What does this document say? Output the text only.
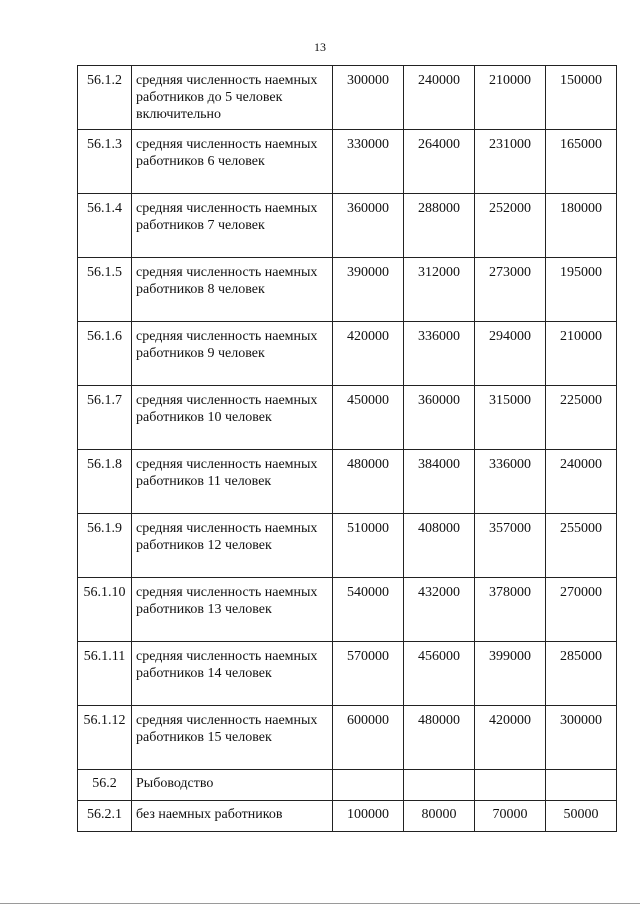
13
56.1.2	средняя численность наемных работников до 5 человек включительно	300000	240000	210000	150000
56.1.3	средняя численность наемных работников 6 человек	330000	264000	231000	165000
56.1.4	средняя численность наемных работников 7 человек	360000	288000	252000	180000
56.1.5	средняя численность наемных работников 8 человек	390000	312000	273000	195000
56.1.6	средняя численность наемных работников 9 человек	420000	336000	294000	210000
56.1.7	средняя численность наемных работников 10 человек	450000	360000	315000	225000
56.1.8	средняя численность наемных работников 11 человек	480000	384000	336000	240000
56.1.9	средняя численность наемных работников 12 человек	510000	408000	357000	255000
56.1.10	средняя численность наемных работников 13 человек	540000	432000	378000	270000
56.1.11	средняя численность наемных работников 14 человек	570000	456000	399000	285000
56.1.12	средняя численность наемных работников 15 человек	600000	480000	420000	300000
56.2	Рыбоводство				
56.2.1	без наемных работников	100000	80000	70000	50000
